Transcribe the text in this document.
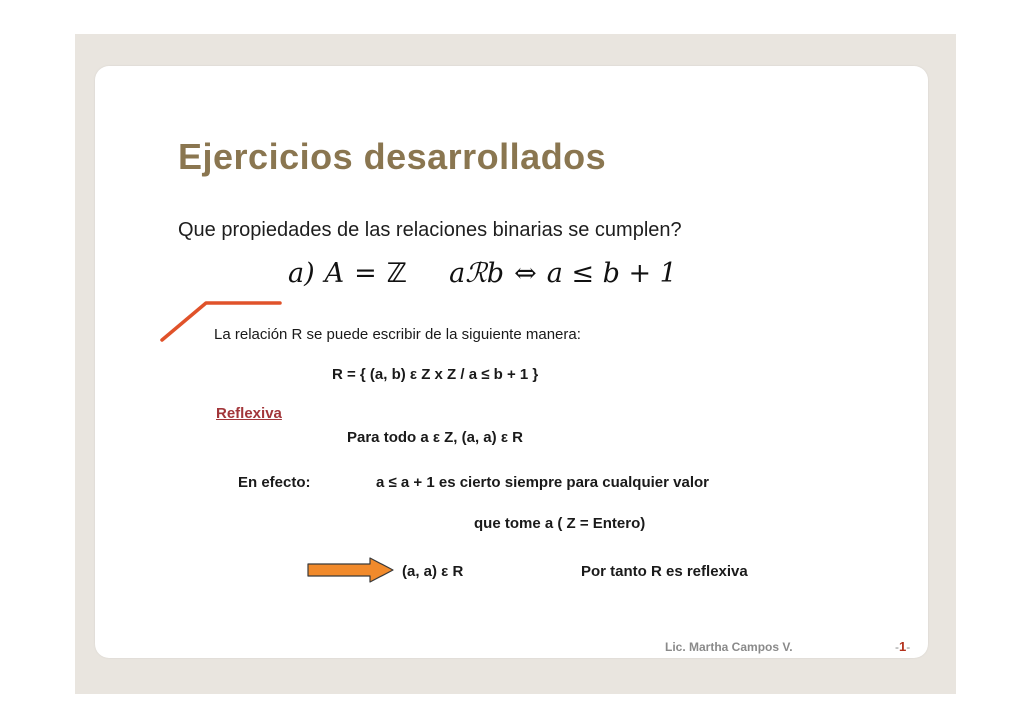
Ejercicios desarrollados
Que propiedades de las relaciones binarias se cumplen?
a) A = ℤ aℛb ⇔ a ≤ b + 1
La relación R se puede escribir de la siguiente manera:
R = { (a, b) ε Z x Z / a ≤ b + 1 }
Reflexiva
Para todo a ε Z, (a, a) ε R
En efecto:	a ≤ a + 1 es cierto siempre para cualquier valor
que tome a ( Z = Entero)
(a, a) ε R	Por tanto R es reflexiva
Lic. Martha Campos V.	-1-
